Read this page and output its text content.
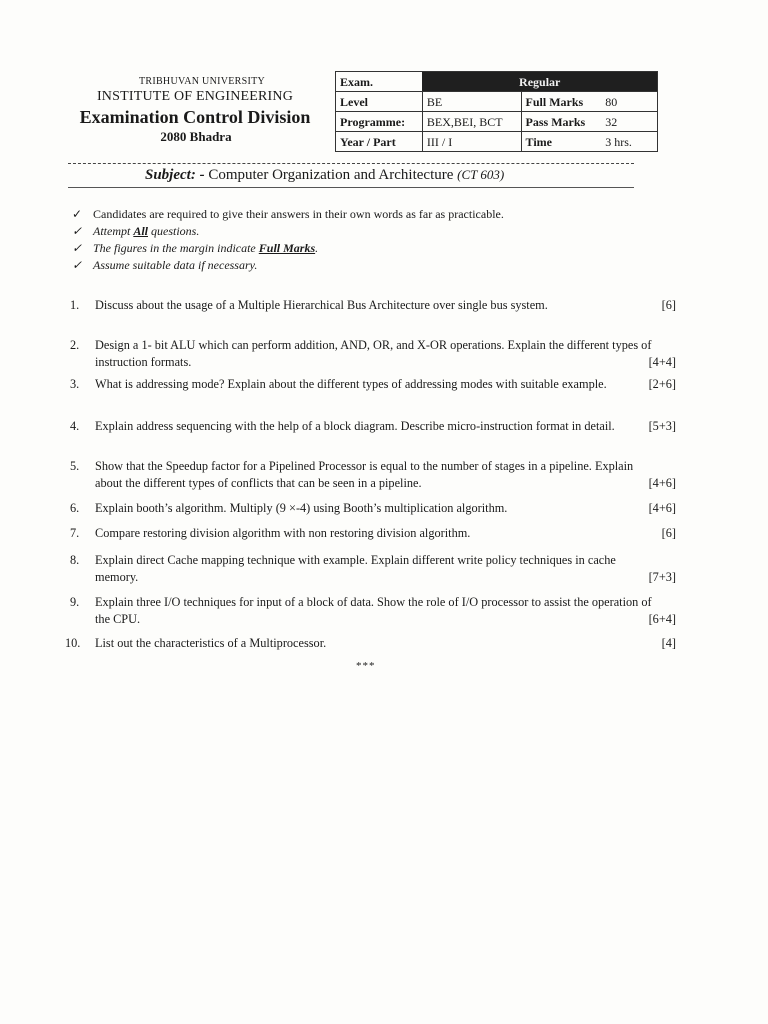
TRIBHUVAN UNIVERSITY
INSTITUTE OF ENGINEERING
Examination Control Division
2080 Bhadra
Exam.	Regular		
Level	BE	Full Marks	80
Programme:	BEX,BEI, BCT	Pass Marks	32
Year / Part	III / I	Time	3 hrs.
Subject: - Computer Organization and Architecture (CT 603)
✓ Candidates are required to give their answers in their own words as far as practicable.
✓ Attempt All questions.
✓ The figures in the margin indicate Full Marks.
✓ Assume suitable data if necessary.
1.	Discuss about the usage of a Multiple Hierarchical Bus Architecture over single bus system.	[6]
2.	Design a 1- bit ALU which can perform addition, AND, OR, and X-OR operations. Explain the different types of instruction formats.	[4+4]
3.	What is addressing mode? Explain about the different types of addressing modes with suitable example.	[2+6]
4.	Explain address sequencing with the help of a block diagram. Describe micro-instruction format in detail.	[5+3]
5.	Show that the Speedup factor for a Pipelined Processor is equal to the number of stages in a pipeline. Explain about the different types of conflicts that can be seen in a pipeline.	[4+6]
6.	Explain booth’s algorithm. Multiply (9 ×-4) using Booth’s multiplication algorithm.	[4+6]
7.	Compare restoring division algorithm with non restoring division algorithm.	[6]
8.	Explain direct Cache mapping technique with example. Explain different write policy techniques in cache memory.	[7+3]
9.	Explain three I/O techniques for input of a block of data. Show the role of I/O processor to assist the operation of the CPU.	[6+4]
10.	List out the characteristics of a Multiprocessor.	[4]
***
